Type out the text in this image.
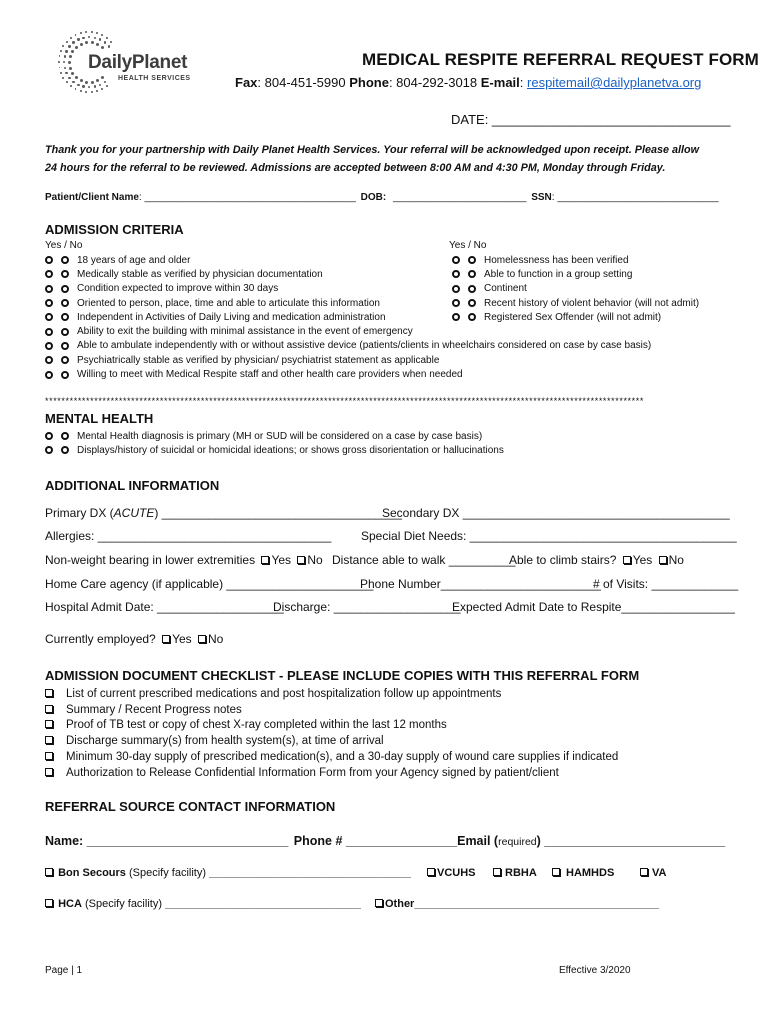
DailyPlanet
HEALTH SERVICES
MEDICAL RESPITE REFERRAL REQUEST FORM
Fax: 804-451-5990 Phone: 804-292-3018 E-mail: respitemail@dailyplanetva.org
DATE: _________________________________
Thank you for your partnership with Daily Planet Health Services. Your referral will be acknowledged upon receipt. Please allow
24 hours for the referral to be reviewed. Admissions are accepted between 8:00 AM and 4:30 PM, Monday through Friday.
Patient/Client Name: ______________________________________ DOB: ________________________ SSN: _____________________________
ADMISSION CRITERIA
Yes / No	Yes / No
18 years of age and older
Medically stable as verified by physician documentation
Condition expected to improve within 30 days
Oriented to person, place, time and able to articulate this information
Independent in Activities of Daily Living and medication administration
Ability to exit the building with minimal assistance in the event of emergency
Able to ambulate independently with or without assistive device (patients/clients in wheelchairs considered on case by case basis)
Psychiatrically stable as verified by physician/ psychiatrist statement as applicable
Willing to meet with Medical Respite staff and other health care providers when needed
Homelessness has been verified
Able to function in a group setting
Continent
Recent history of violent behavior (will not admit)
Registered Sex Offender (will not admit)
**************************************************************************************************************************************************
MENTAL HEALTH
Mental Health diagnosis is primary (MH or SUD will be considered on a case by case basis)
Displays/history of suicidal or homicidal ideations; or shows gross disorientation or hallucinations
ADDITIONAL INFORMATION
Primary DX (ACUTE) ____________________________________
Secondary DX ________________________________________
Allergies: ___________________________________ Special Diet Needs: ________________________________________
Non-weight bearing in lower extremities Yes No Distance able to walk __________
Able to climb stairs? Yes No
Home Care agency (if applicable) ______________________
Phone Number________________________
# of Visits: _____________
Hospital Admit Date: ___________________
Discharge: ___________________
Expected Admit Date to Respite_________________
Currently employed? Yes No
ADMISSION DOCUMENT CHECKLIST - PLEASE INCLUDE COPIES WITH THIS REFERRAL FORM
List of current prescribed medications and post hospitalization follow up appointments
Summary / Recent Progress notes
Proof of TB test or copy of chest X-ray completed within the last 12 months
Discharge summary(s) from health system(s), at time of arrival
Minimum 30-day supply of prescribed medication(s), and a 30-day supply of wound care supplies if indicated
Authorization to Release Confidential Information Form from your Agency signed by patient/client
REFERRAL SOURCE CONTACT INFORMATION
Name: _____________________________ Phone # ________________Email (required) __________________________
Bon Secours (Specify facility) _________________________________	VCUHS	RBHA	HAMHDS	VA
HCA (Specify facility) ________________________________	Other________________________________________
Page | 1	Effective 3/2020
